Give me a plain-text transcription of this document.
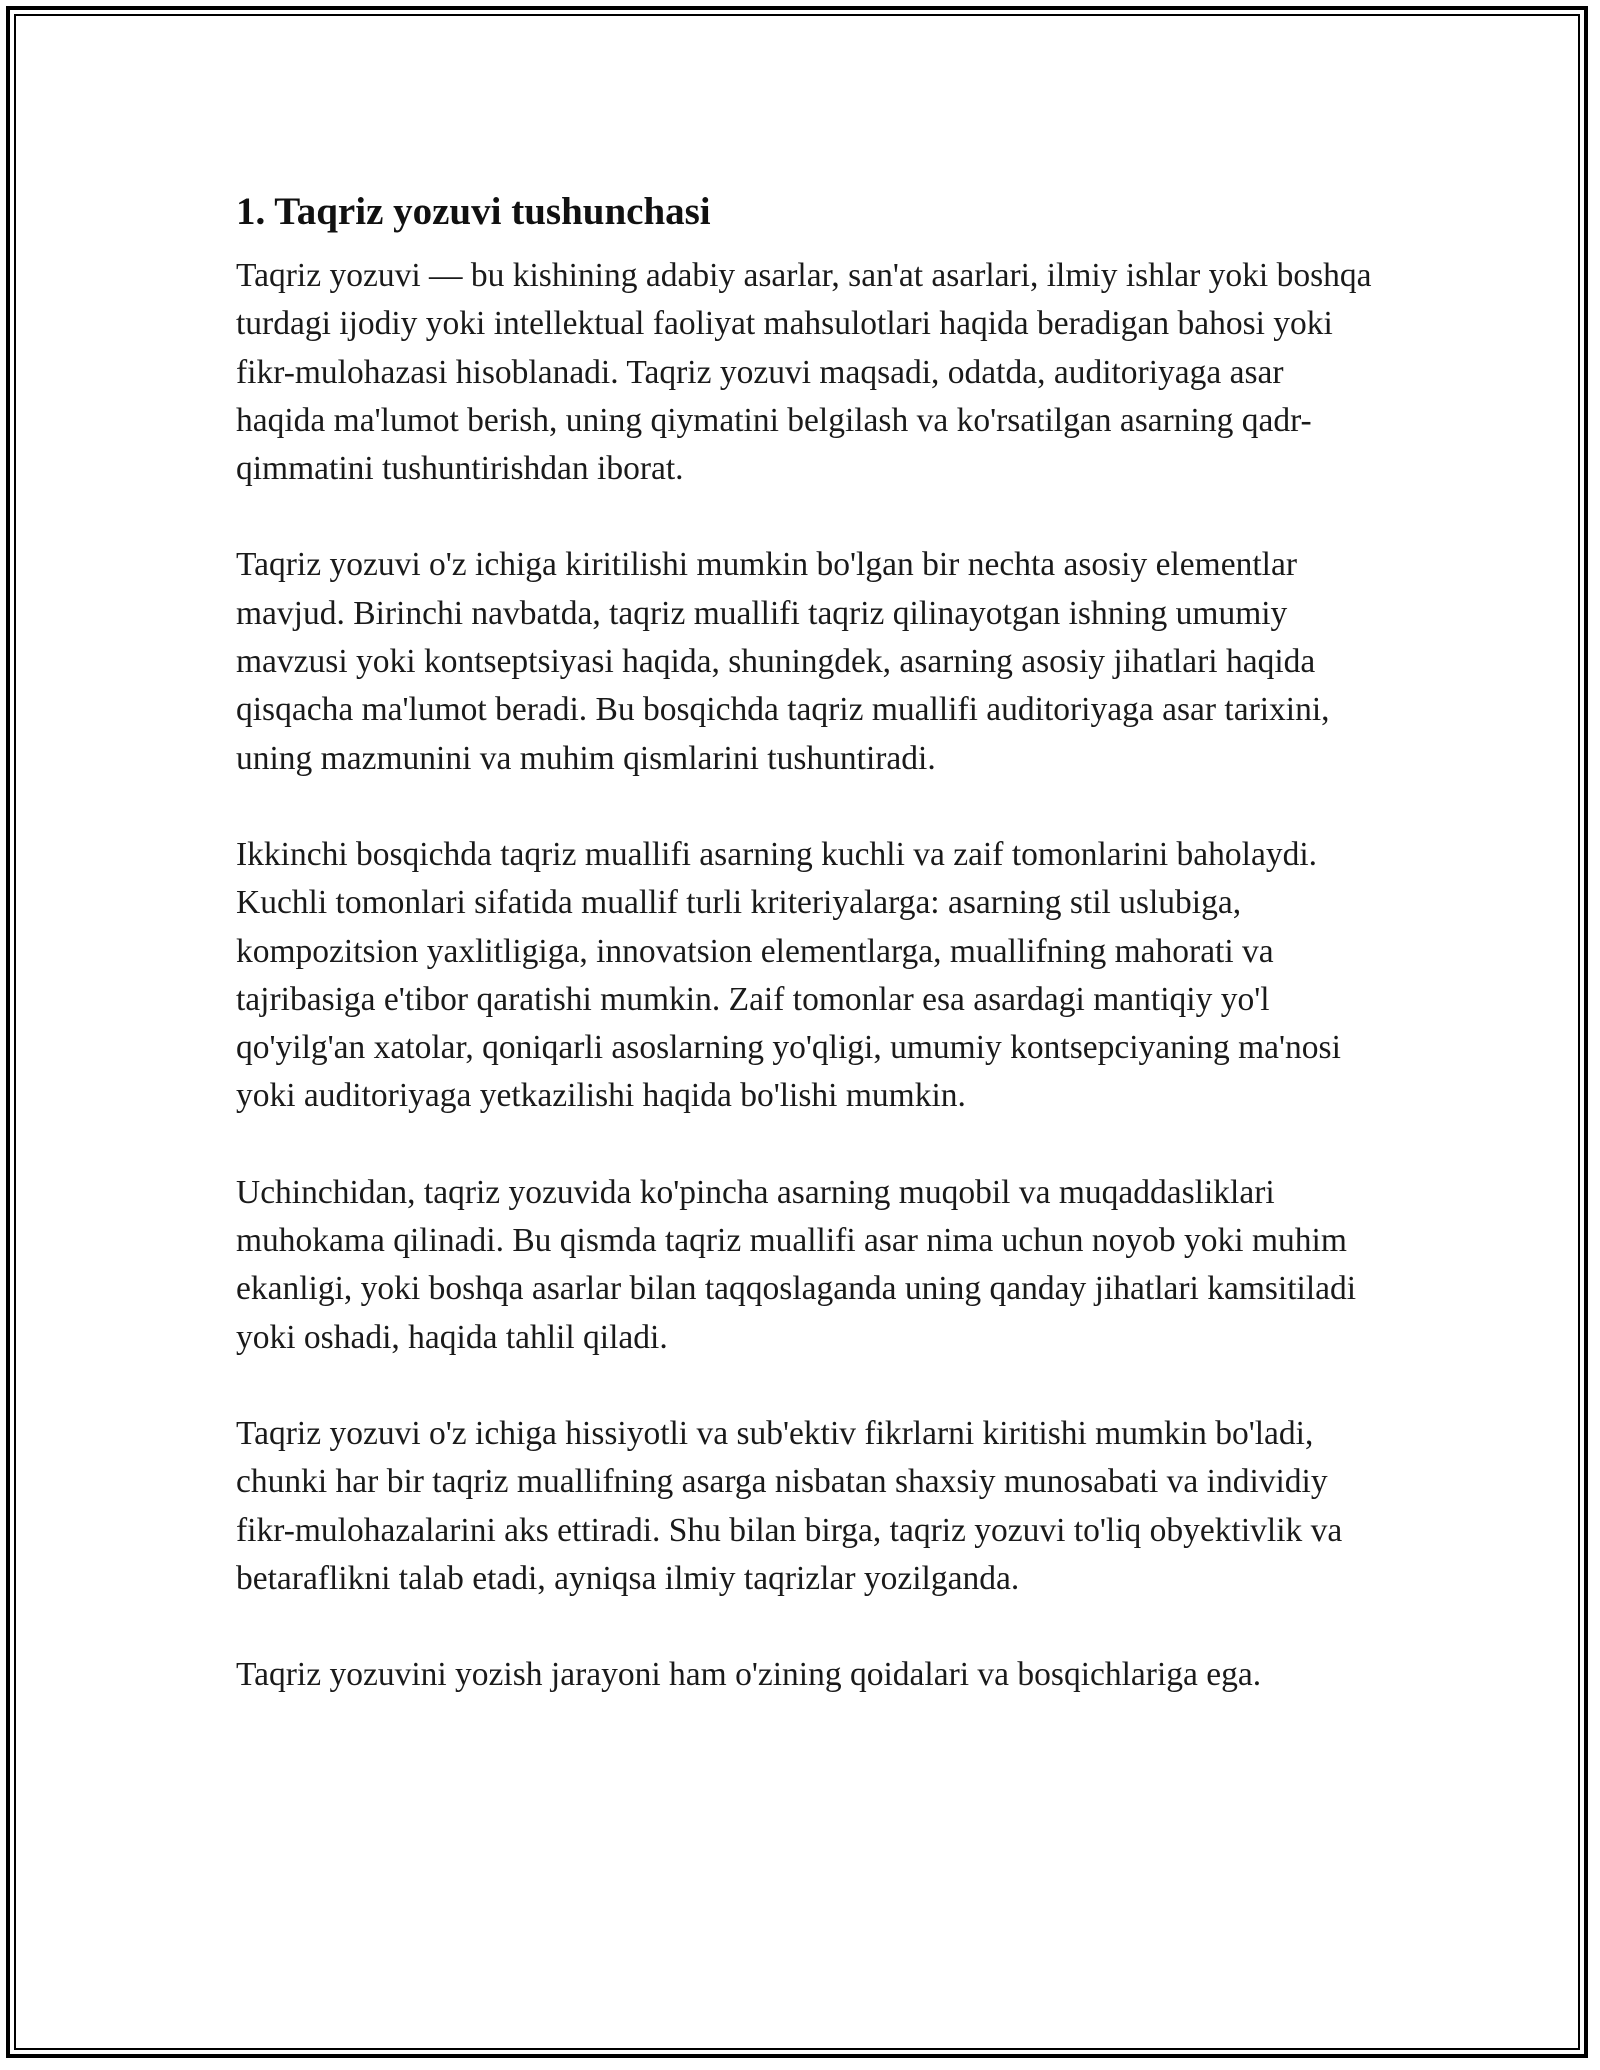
1. Taqriz yozuvi tushunchasi

Taqriz yozuvi — bu kishining adabiy asarlar, san'at asarlari, ilmiy ishlar yoki boshqa turdagi ijodiy yoki intellektual faoliyat mahsulotlari haqida beradigan bahosi yoki fikr-mulohazasi hisoblanadi. Taqriz yozuvi maqsadi, odatda, auditoriyaga asar haqida ma'lumot berish, uning qiymatini belgilash va ko'rsatilgan asarning qadr-qimmatini tushuntirishdan iborat.

Taqriz yozuvi o'z ichiga kiritilishi mumkin bo'lgan bir nechta asosiy elementlar mavjud. Birinchi navbatda, taqriz muallifi taqriz qilinayotgan ishning umumiy mavzusi yoki kontseptsiyasi haqida, shuningdek, asarning asosiy jihatlari haqida qisqacha ma'lumot beradi. Bu bosqichda taqriz muallifi auditoriyaga asar tarixini, uning mazmunini va muhim qismlarini tushuntiradi.

Ikkinchi bosqichda taqriz muallifi asarning kuchli va zaif tomonlarini baholaydi. Kuchli tomonlari sifatida muallif turli kriteriyalarga: asarning stil uslubiga, kompozitsion yaxlitligiga, innovatsion elementlarga, muallifning mahorati va tajribasiga e'tibor qaratishi mumkin. Zaif tomonlar esa asardagi mantiqiy yo'l qo'yilg'an xatolar, qoniqarli asoslarning yo'qligi, umumiy kontsepciyaning ma'nosi yoki auditoriyaga yetkazilishi haqida bo'lishi mumkin.

Uchinchidan, taqriz yozuvida ko'pincha asarning muqobil va muqaddasliklari muhokama qilinadi. Bu qismda taqriz muallifi asar nima uchun noyob yoki muhim ekanligi, yoki boshqa asarlar bilan taqqoslaganda uning qanday jihatlari kamsitiladi yoki oshadi, haqida tahlil qiladi.

Taqriz yozuvi o'z ichiga hissiyotli va sub'ektiv fikrlarni kiritishi mumkin bo'ladi, chunki har bir taqriz muallifning asarga nisbatan shaxsiy munosabati va individiy fikr-mulohazalarini aks ettiradi. Shu bilan birga, taqriz yozuvi to'liq obyektivlik va betaraflikni talab etadi, ayniqsa ilmiy taqrizlar yozilganda.

Taqriz yozuvini yozish jarayoni ham o'zining qoidalari va bosqichlariga ega.
